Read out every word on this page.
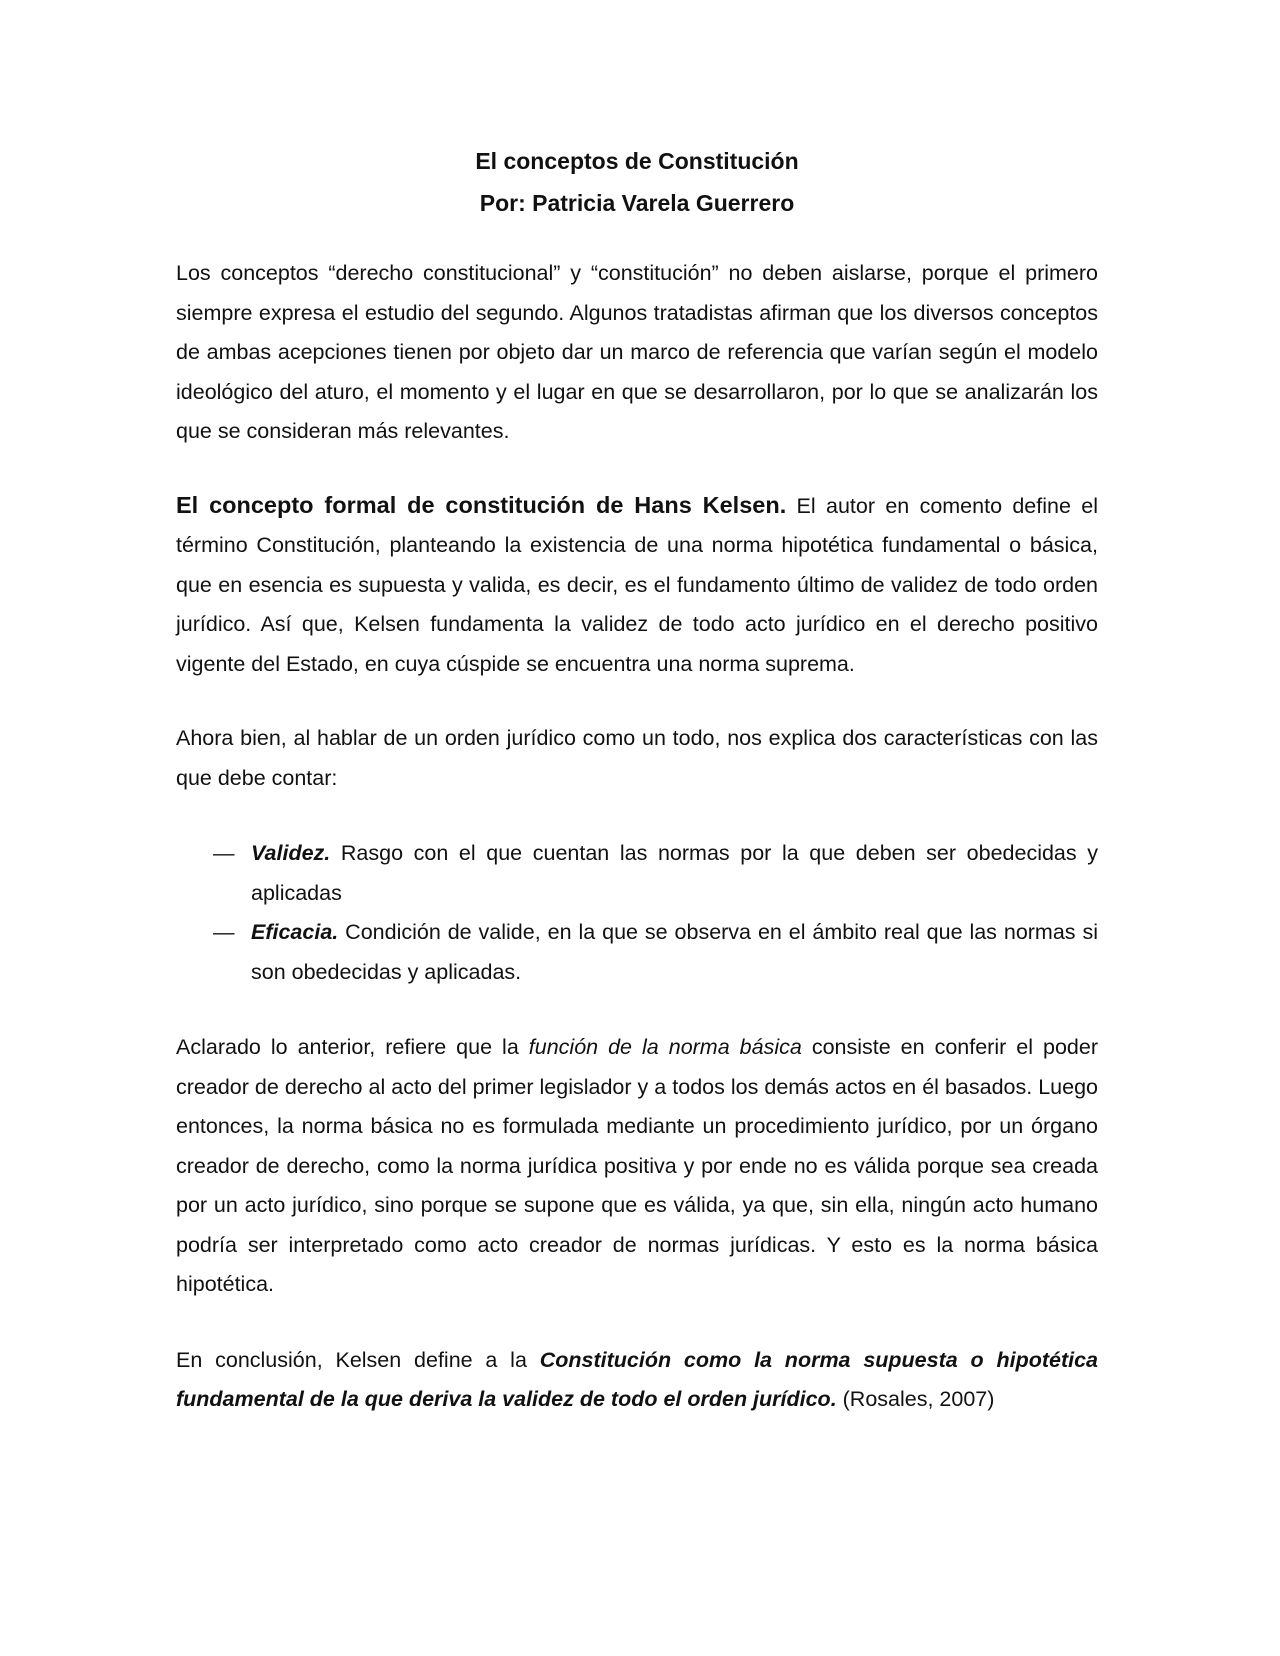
El conceptos de Constitución
Por: Patricia Varela Guerrero

Los conceptos “derecho constitucional” y “constitución” no deben aislarse, porque el primero siempre expresa el estudio del segundo. Algunos tratadistas afirman que los diversos conceptos de ambas acepciones tienen por objeto dar un marco de referencia que varían según el modelo ideológico del aturo, el momento y el lugar en que se desarrollaron, por lo que se analizarán los que se consideran más relevantes.

El concepto formal de constitución de Hans Kelsen. El autor en comento define el término Constitución, planteando la existencia de una norma hipotética fundamental o básica, que en esencia es supuesta y valida, es decir, es el fundamento último de validez de todo orden jurídico. Así que, Kelsen fundamenta la validez de todo acto jurídico en el derecho positivo vigente del Estado, en cuya cúspide se encuentra una norma suprema.

Ahora bien, al hablar de un orden jurídico como un todo, nos explica dos características con las que debe contar:

— Validez. Rasgo con el que cuentan las normas por la que deben ser obedecidas y aplicadas
— Eficacia. Condición de valide, en la que se observa en el ámbito real que las normas si son obedecidas y aplicadas.

Aclarado lo anterior, refiere que la función de la norma básica consiste en conferir el poder creador de derecho al acto del primer legislador y a todos los demás actos en él basados. Luego entonces, la norma básica no es formulada mediante un procedimiento jurídico, por un órgano creador de derecho, como la norma jurídica positiva y por ende no es válida porque sea creada por un acto jurídico, sino porque se supone que es válida, ya que, sin ella, ningún acto humano podría ser interpretado como acto creador de normas jurídicas. Y esto es la norma básica hipotética.

En conclusión, Kelsen define a la Constitución como la norma supuesta o hipotética fundamental de la que deriva la validez de todo el orden jurídico. (Rosales, 2007)
